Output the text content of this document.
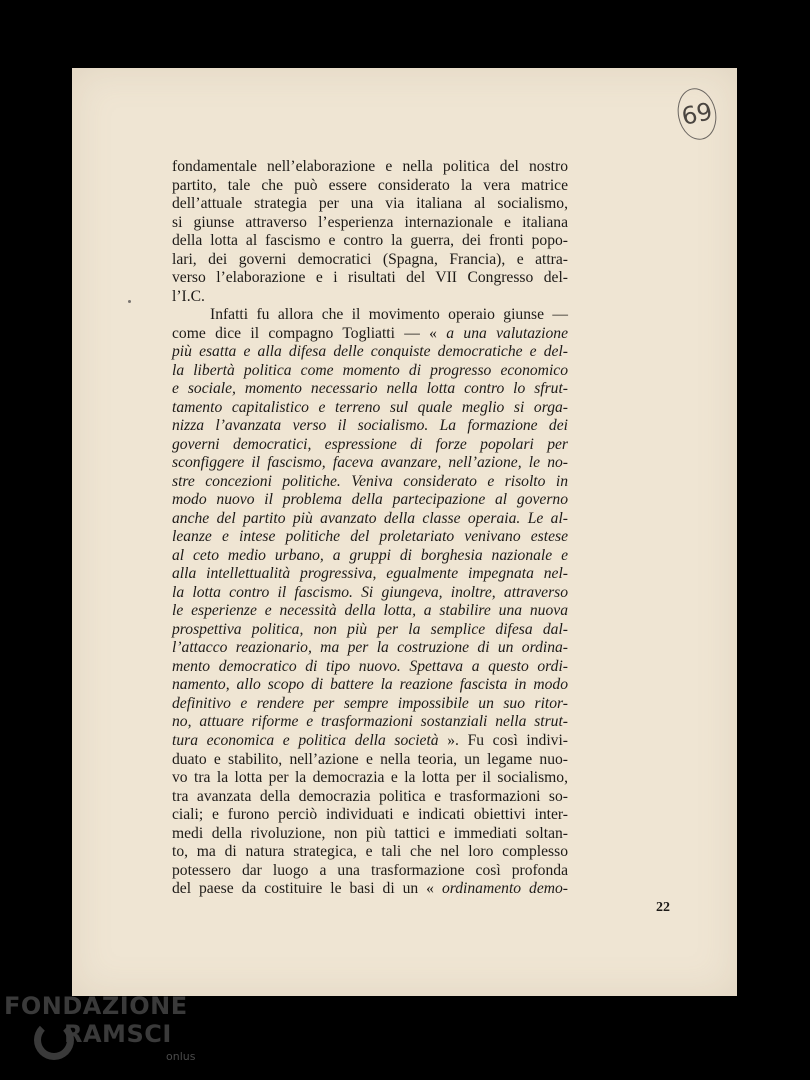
69
fondamentale nell’elaborazione e nella politica del nostro
partito, tale che può essere considerato la vera matrice
dell’attuale strategia per una via italiana al socialismo,
si giunse attraverso l’esperienza internazionale e italiana
della lotta al fascismo e contro la guerra, dei fronti popo-
lari, dei governi democratici (Spagna, Francia), e attra-
verso l’elaborazione e i risultati del VII Congresso del-
l’I.C.
Infatti fu allora che il movimento operaio giunse —
come dice il compagno Togliatti — « a una valutazione
più esatta e alla difesa delle conquiste democratiche e del-
la libertà politica come momento di progresso economico
e sociale, momento necessario nella lotta contro lo sfrut-
tamento capitalistico e terreno sul quale meglio si orga-
nizza l’avanzata verso il socialismo. La formazione dei
governi democratici, espressione di forze popolari per
sconfiggere il fascismo, faceva avanzare, nell’azione, le no-
stre concezioni politiche. Veniva considerato e risolto in
modo nuovo il problema della partecipazione al governo
anche del partito più avanzato della classe operaia. Le al-
leanze e intese politiche del proletariato venivano estese
al ceto medio urbano, a gruppi di borghesia nazionale e
alla intellettualità progressiva, egualmente impegnata nel-
la lotta contro il fascismo. Si giungeva, inoltre, attraverso
le esperienze e necessità della lotta, a stabilire una nuova
prospettiva politica, non più per la semplice difesa dal-
l’attacco reazionario, ma per la costruzione di un ordina-
mento democratico di tipo nuovo. Spettava a questo ordi-
namento, allo scopo di battere la reazione fascista in modo
definitivo e rendere per sempre impossibile un suo ritor-
no, attuare riforme e trasformazioni sostanziali nella strut-
tura economica e politica della società ». Fu così indivi-
duato e stabilito, nell’azione e nella teoria, un legame nuo-
vo tra la lotta per la democrazia e la lotta per il socialismo,
tra avanzata della democrazia politica e trasformazioni so-
ciali; e furono perciò individuati e indicati obiettivi inter-
medi della rivoluzione, non più tattici e immediati soltan-
to, ma di natura strategica, e tali che nel loro complesso
potessero dar luogo a una trasformazione così profonda
del paese da costituire le basi di un « ordinamento demo-
22
FONDAZIONE
RAMSCI
onlus
